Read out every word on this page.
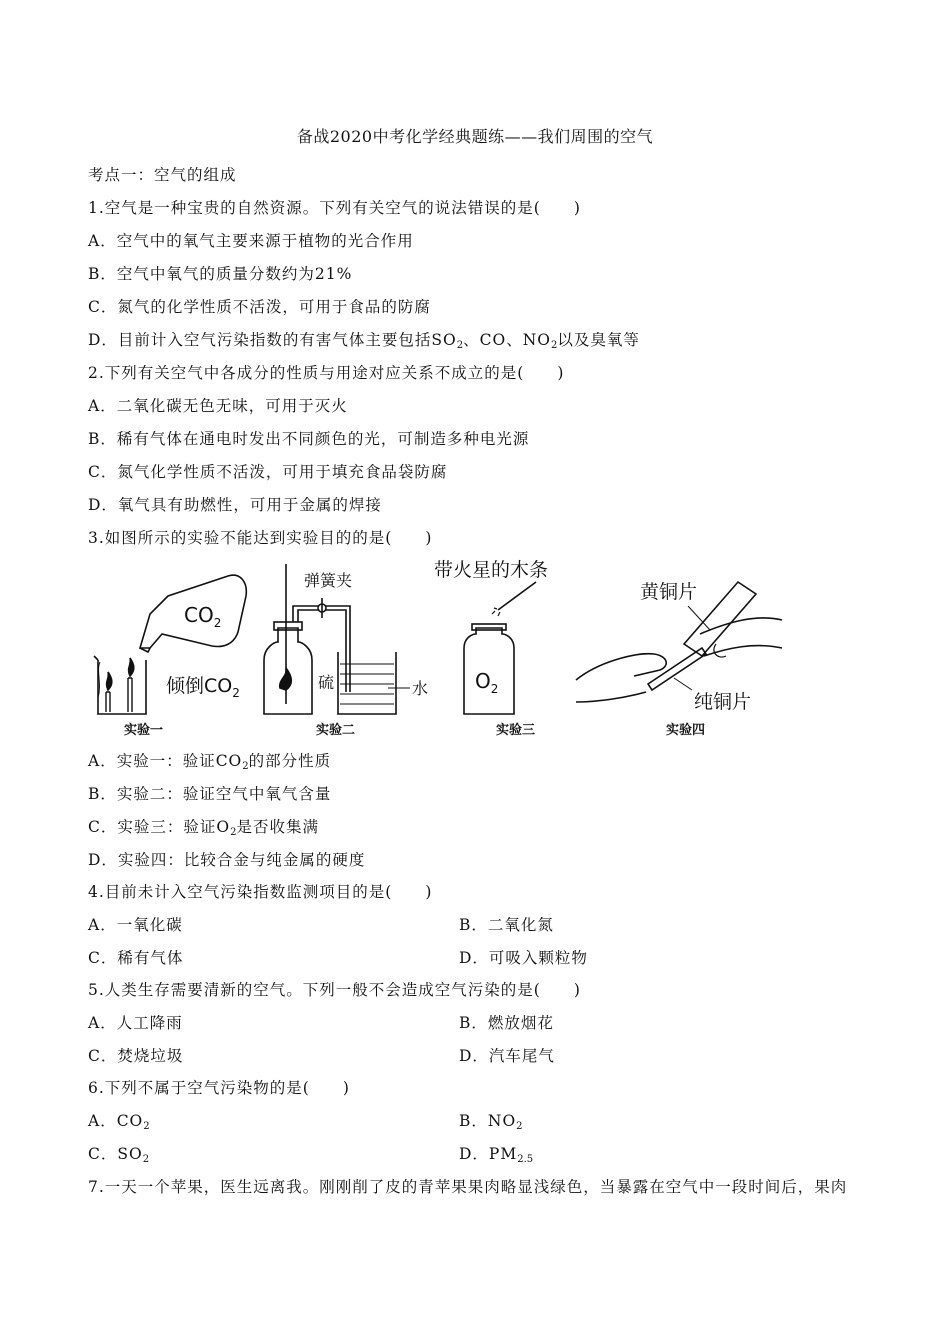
备战2020中考化学经典题练——我们周围的空气
考点一：空气的组成
1.空气是一种宝贵的自然资源。下列有关空气的说法错误的是(　　)
A．空气中的氧气主要来源于植物的光合作用
B．空气中氧气的质量分数约为21%
C．氮气的化学性质不活泼，可用于食品的防腐
D．目前计入空气污染指数的有害气体主要包括$SO_2$、CO、$NO_2$以及臭氧等
2.下列有关空气中各成分的性质与用途对应关系不成立的是(　　)
A．二氧化碳无色无味，可用于灭火
B．稀有气体在通电时发出不同颜色的光，可制造多种电光源
C．氮气化学性质不活泼，可用于填充食品袋防腐
D．氧气具有助燃性，可用于金属的焊接
3.如图所示的实验不能达到实验目的的是(　　)
$CO_2$
倾倒$CO_2$
实验一
弹簧夹
硫	水
实验二
$O_2$
带火星的木条
实验三
黄铜片
纯铜片
实验四
A．实验一：验证$CO_2$的部分性质
B．实验二：验证空气中氧气含量
C．实验三：验证$O_2$是否收集满
D．实验四：比较合金与纯金属的硬度
4.目前未计入空气污染指数监测项目的是(　　)
A．一氧化碳	B．二氧化氮
C．稀有气体	D．可吸入颗粒物
5.人类生存需要清新的空气。下列一般不会造成空气污染的是(　　)
A．人工降雨	B．燃放烟花
C．焚烧垃圾	D．汽车尾气
6.下列不属于空气污染物的是(　　)
A．$CO_2$	B．$NO_2$
C．$SO_2$	D．$PM_{2.5}$
7.一天一个苹果，医生远离我。刚刚削了皮的青苹果果肉略显浅绿色，当暴露在空气中一段时间后，果肉
